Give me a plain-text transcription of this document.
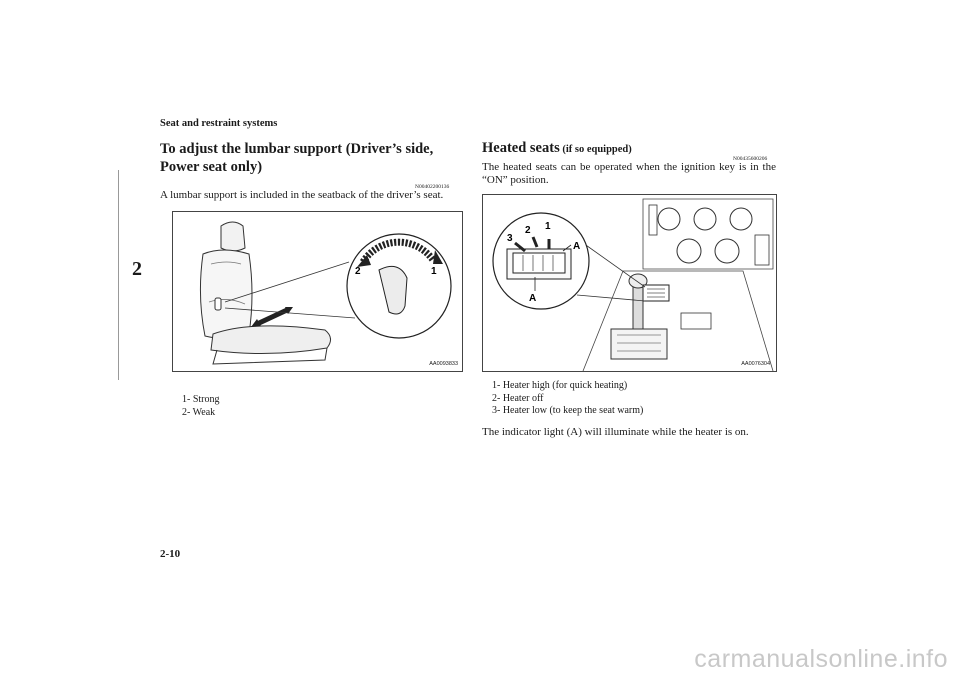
Seat and restraint systems
2
To adjust the lumbar support (Driver’s side, Power seat only)
N00402200136
A lumbar support is included in the seatback of the driver’s seat.
2	1
AA0093833
1- Strong
2- Weak
Heated seats (if so equipped)
N00435600206
The heated seats can be operated when the ignition key is in the “ON” position.
3
2 1
A
A
AA0076304
1- Heater high (for quick heating)
2- Heater off
3- Heater low (to keep the seat warm)
The indicator light (A) will illuminate while the heater is on.
2-10
carmanualsonline.info
